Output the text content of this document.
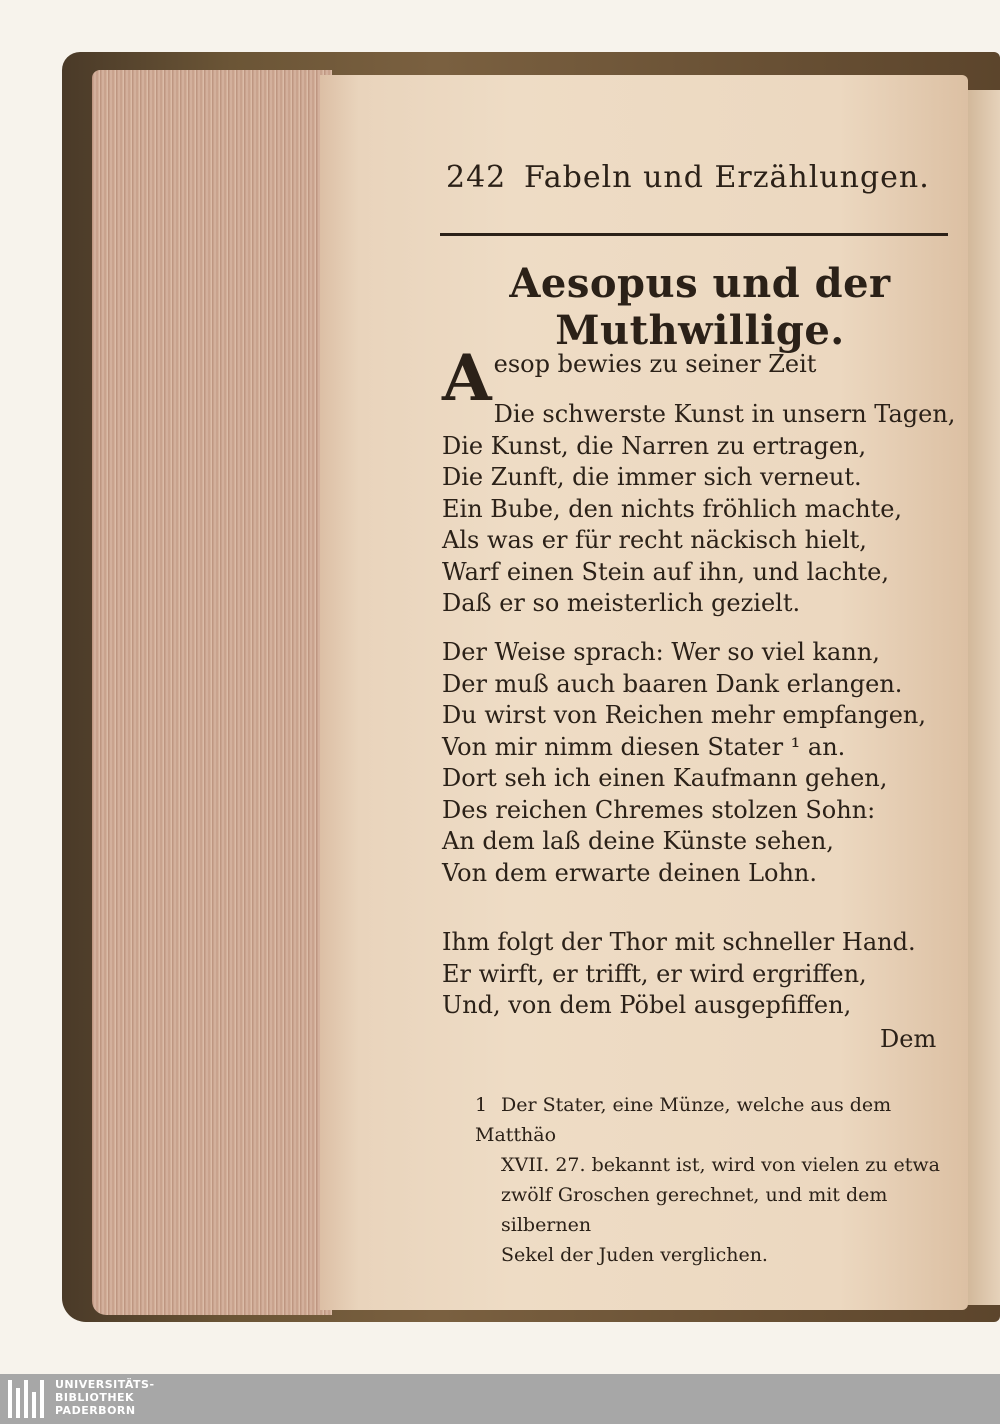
242 Fabeln und Erzählungen.
Aesopus und der Muthwillige.
Aesop bewies zu seiner Zeit
Die schwerste Kunst in unsern Tagen,
Die Kunst, die Narren zu ertragen,
Die Zunft, die immer sich verneut.
Ein Bube, den nichts fröhlich machte,
Als was er für recht näckisch hielt,
Warf einen Stein auf ihn, und lachte,
Daß er so meisterlich gezielt.
Der Weise sprach: Wer so viel kann,
Der muß auch baaren Dank erlangen.
Du wirst von Reichen mehr empfangen,
Von mir nimm diesen Stater ¹ an.
Dort seh ich einen Kaufmann gehen,
Des reichen Chremes stolzen Sohn:
An dem laß deine Künste sehen,
Von dem erwarte deinen Lohn.
Ihm folgt der Thor mit schneller Hand.
Er wirft, er trifft, er wird ergriffen,
Und, von dem Pöbel ausgepfiffen,
Dem
1 Der Stater, eine Münze, welche aus dem Matthäo
XVII. 27. bekannt ist, wird von vielen zu etwa
zwölf Groschen gerechnet, und mit dem silbernen
Sekel der Juden verglichen.
UNIVERSITÄTS-
BIBLIOTHEK
PADERBORN
